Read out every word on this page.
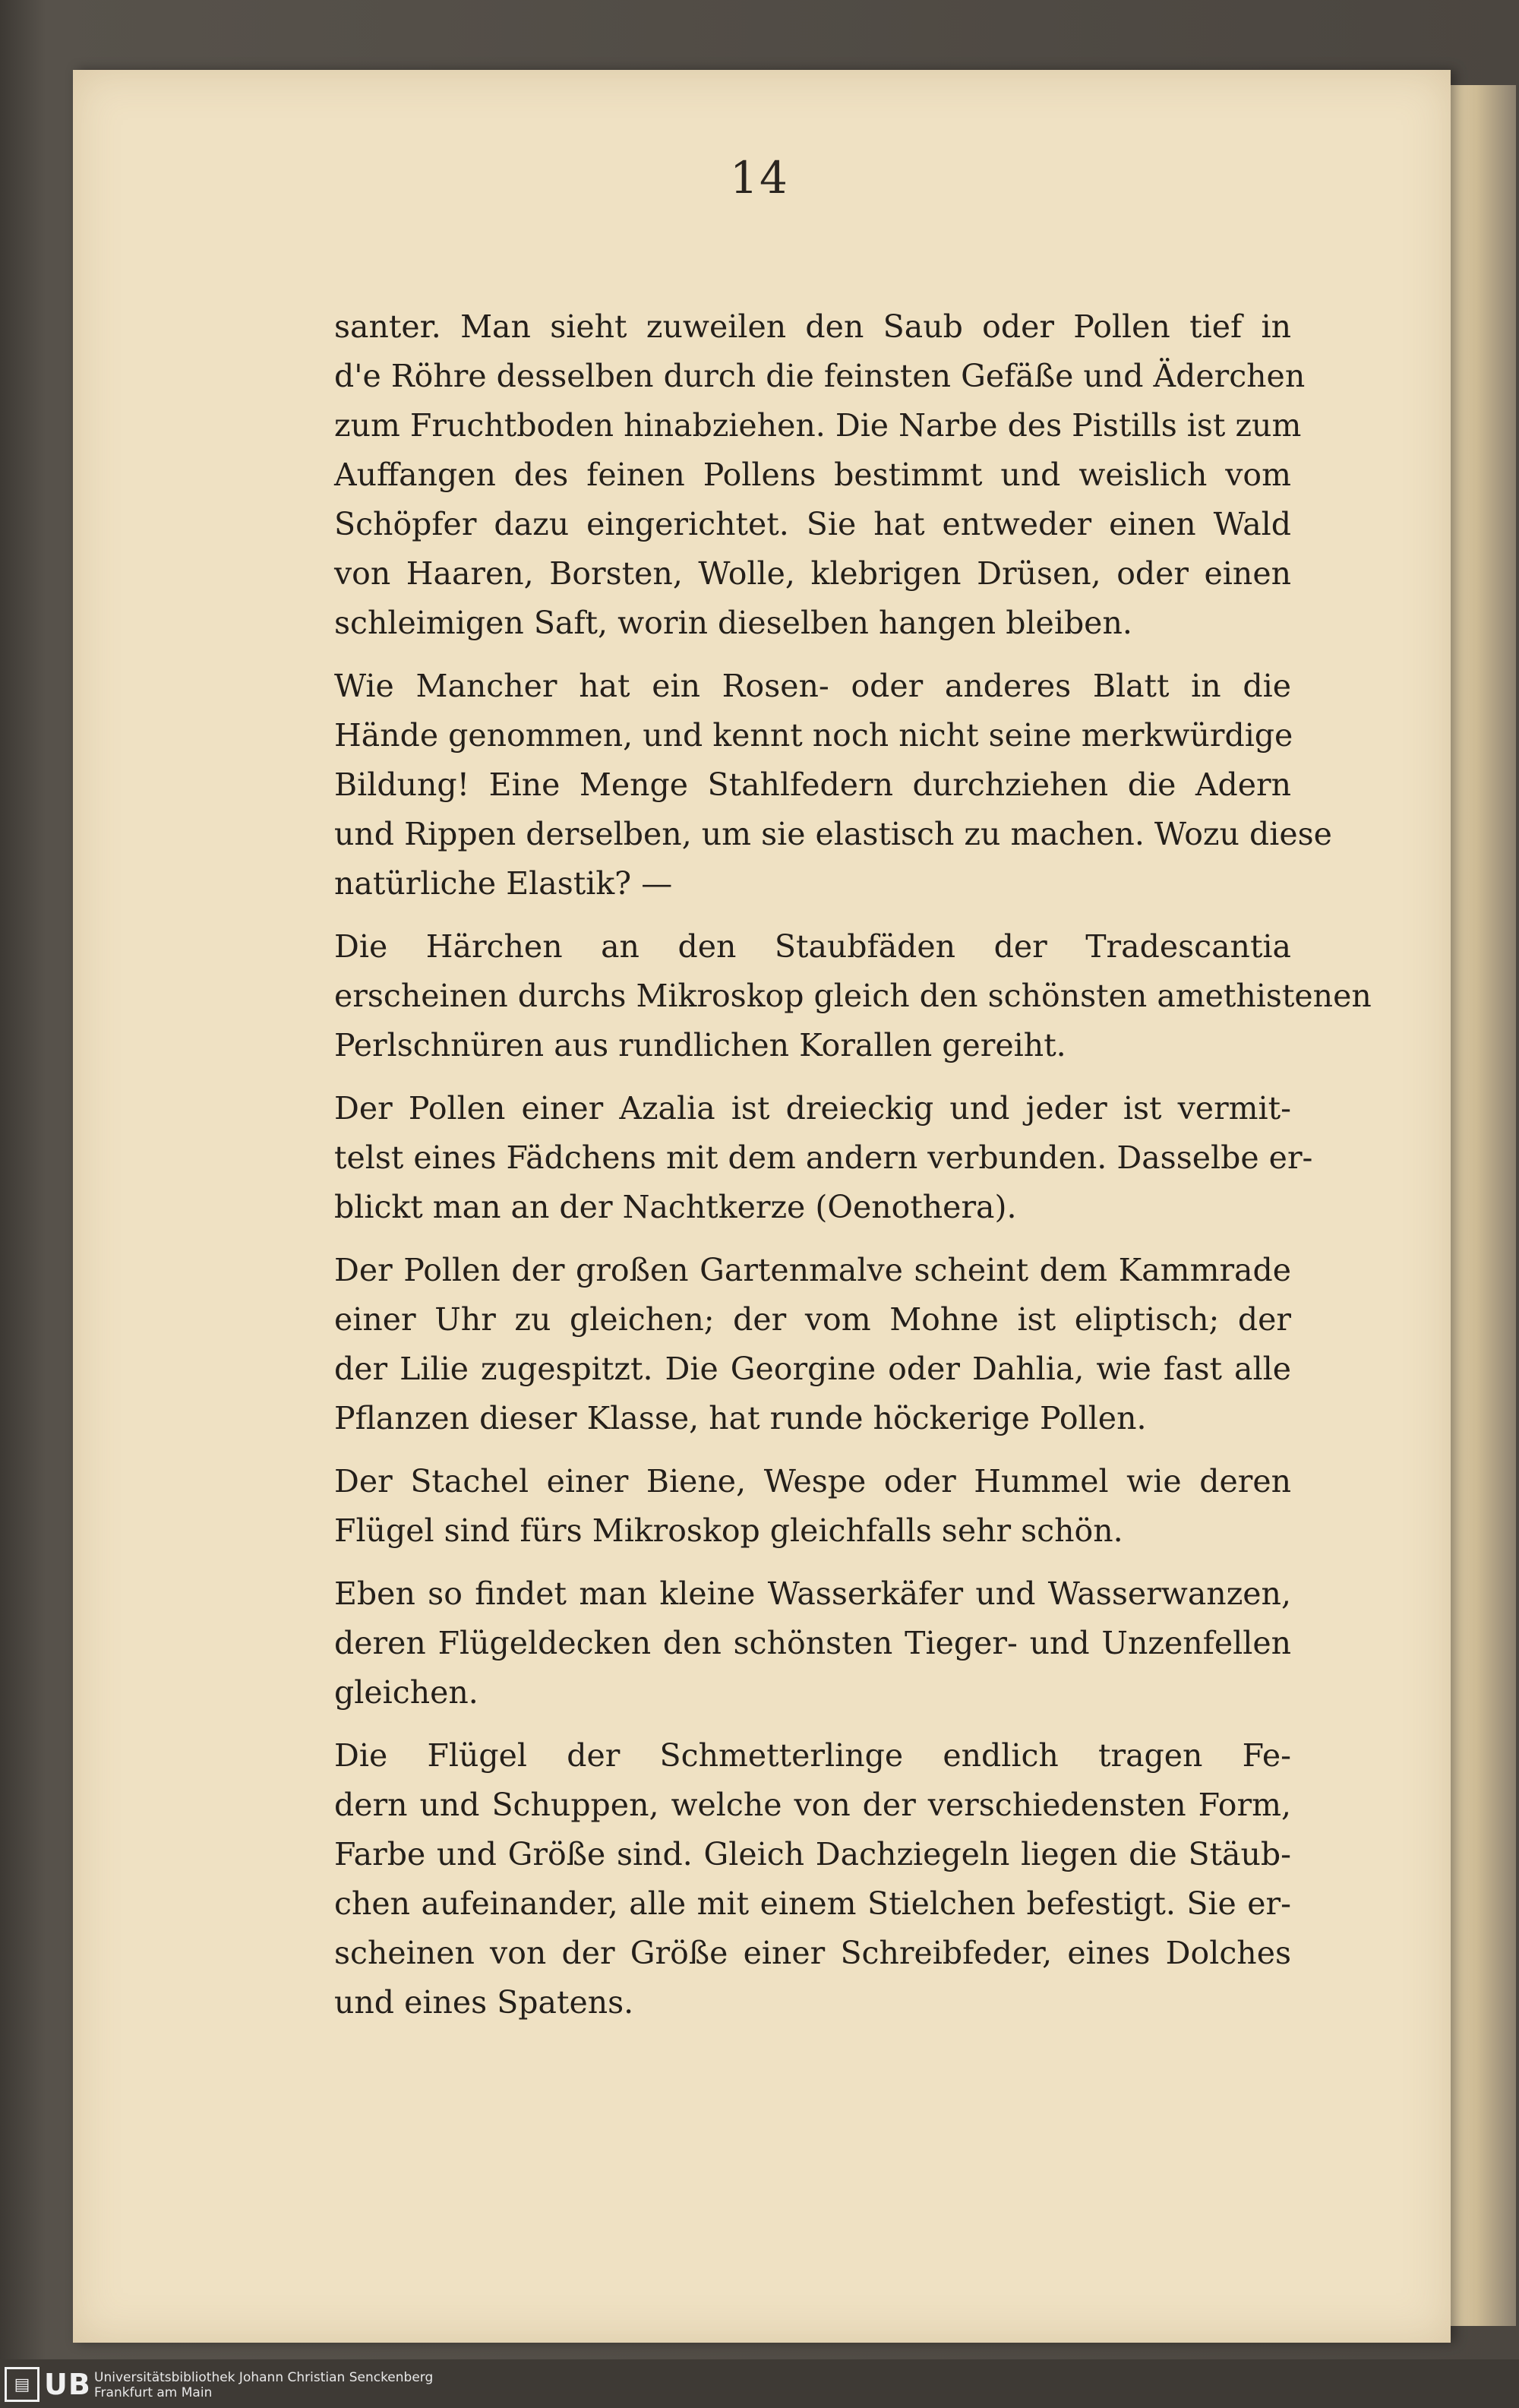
14

santer. Man sieht zuweilen den Saub oder Pollen tief in
d'e Röhre desselben durch die feinsten Gefäße und Äderchen
zum Fruchtboden hinabziehen. Die Narbe des Pistills ist zum
Auffangen des feinen Pollens bestimmt und weislich vom
Schöpfer dazu eingerichtet. Sie hat entweder einen Wald
von Haaren, Borsten, Wolle, klebrigen Drüsen, oder einen
schleimigen Saft, worin dieselben hangen bleiben.

Wie Mancher hat ein Rosen- oder anderes Blatt in die
Hände genommen, und kennt noch nicht seine merkwürdige
Bildung! Eine Menge Stahlfedern durchziehen die Adern
und Rippen derselben, um sie elastisch zu machen. Wozu diese
natürliche Elastik? —

Die Härchen an den Staubfäden der Tradescantia
erscheinen durchs Mikroskop gleich den schönsten amethistenen
Perlschnüren aus rundlichen Korallen gereiht.

Der Pollen einer Azalia ist dreieckig und jeder ist vermit-
telst eines Fädchens mit dem andern verbunden. Dasselbe er-
blickt man an der Nachtkerze (Oenothera).

Der Pollen der großen Gartenmalve scheint dem Kammrade
einer Uhr zu gleichen; der vom Mohne ist eliptisch; der
der Lilie zugespitzt. Die Georgine oder Dahlia, wie fast alle
Pflanzen dieser Klasse, hat runde höckerige Pollen.

Der Stachel einer Biene, Wespe oder Hummel wie deren
Flügel sind fürs Mikroskop gleichfalls sehr schön.

Eben so findet man kleine Wasserkäfer und Wasserwanzen,
deren Flügeldecken den schönsten Tieger- und Unzenfellen
gleichen.

Die Flügel der Schmetterlinge endlich tragen Fe-
dern und Schuppen, welche von der verschiedensten Form,
Farbe und Größe sind. Gleich Dachziegeln liegen die Stäub-
chen aufeinander, alle mit einem Stielchen befestigt. Sie er-
scheinen von der Größe einer Schreibfeder, eines Dolches
und eines Spatens.

▤ UB Universitätsbibliothek Johann Christian Senckenberg
Frankfurt am Main
